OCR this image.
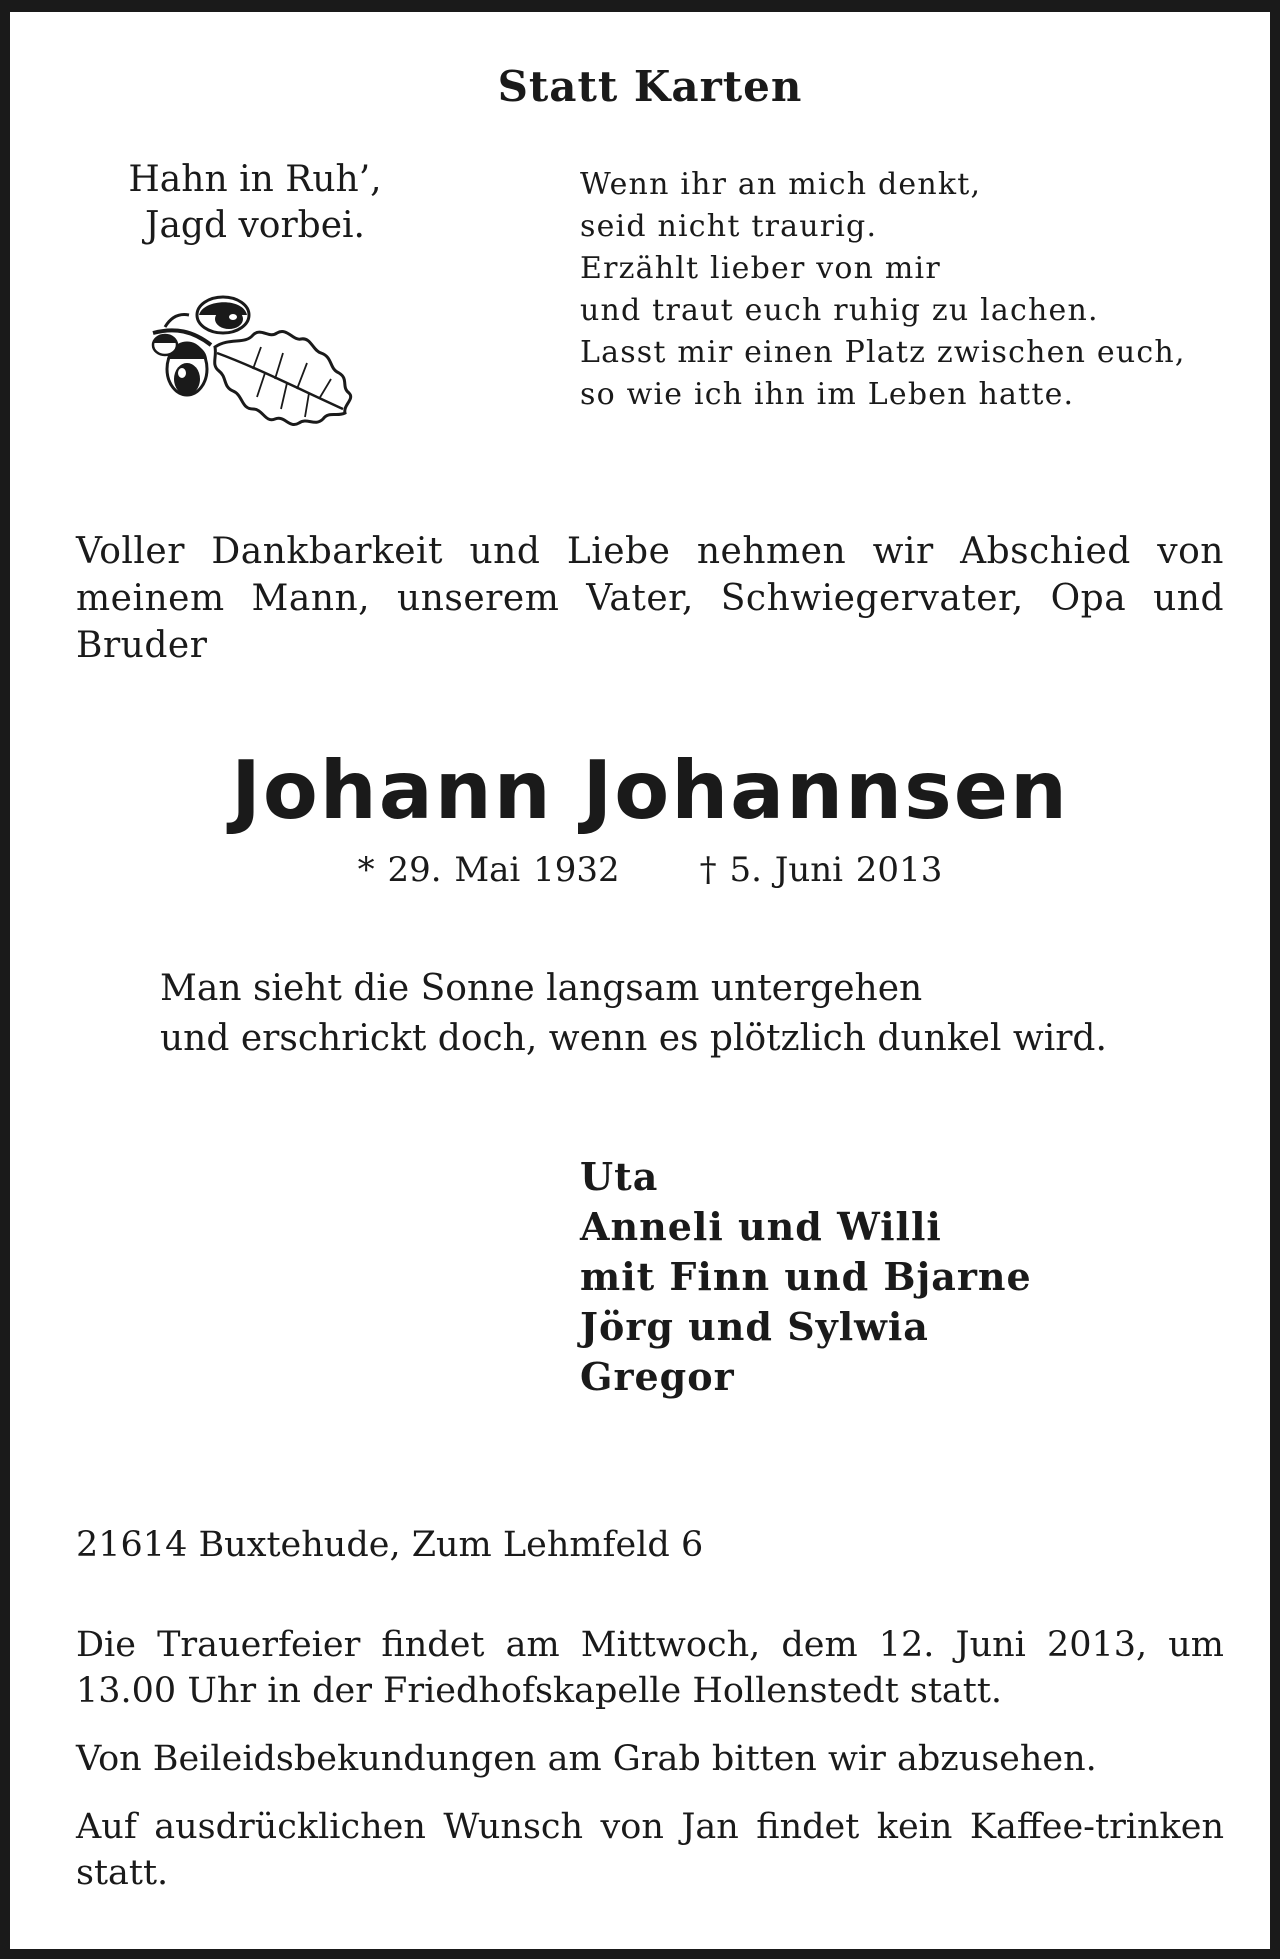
Statt Karten
Hahn in Ruh’,
Jagd vorbei.
Wenn ihr an mich denkt,
seid nicht traurig.
Erzählt lieber von mir
und traut euch ruhig zu lachen.
Lasst mir einen Platz zwischen euch,
so wie ich ihn im Leben hatte.
Voller Dankbarkeit und Liebe nehmen wir Abschied von meinem Mann, unserem Vater, Schwiegervater, Opa und Bruder
Johann Johannsen
* 29. Mai 1932 † 5. Juni 2013
Man sieht die Sonne langsam untergehen
und erschrickt doch, wenn es plötzlich dunkel wird.
Uta
Anneli und Willi
mit Finn und Bjarne
Jörg und Sylwia
Gregor
21614 Buxtehude, Zum Lehmfeld 6
Die Trauerfeier findet am Mittwoch, dem 12. Juni 2013, um 13.00 Uhr in der Friedhofskapelle Hollenstedt statt.
Von Beileidsbekundungen am Grab bitten wir abzusehen.
Auf ausdrücklichen Wunsch von Jan findet kein Kaffee-trinken statt.
